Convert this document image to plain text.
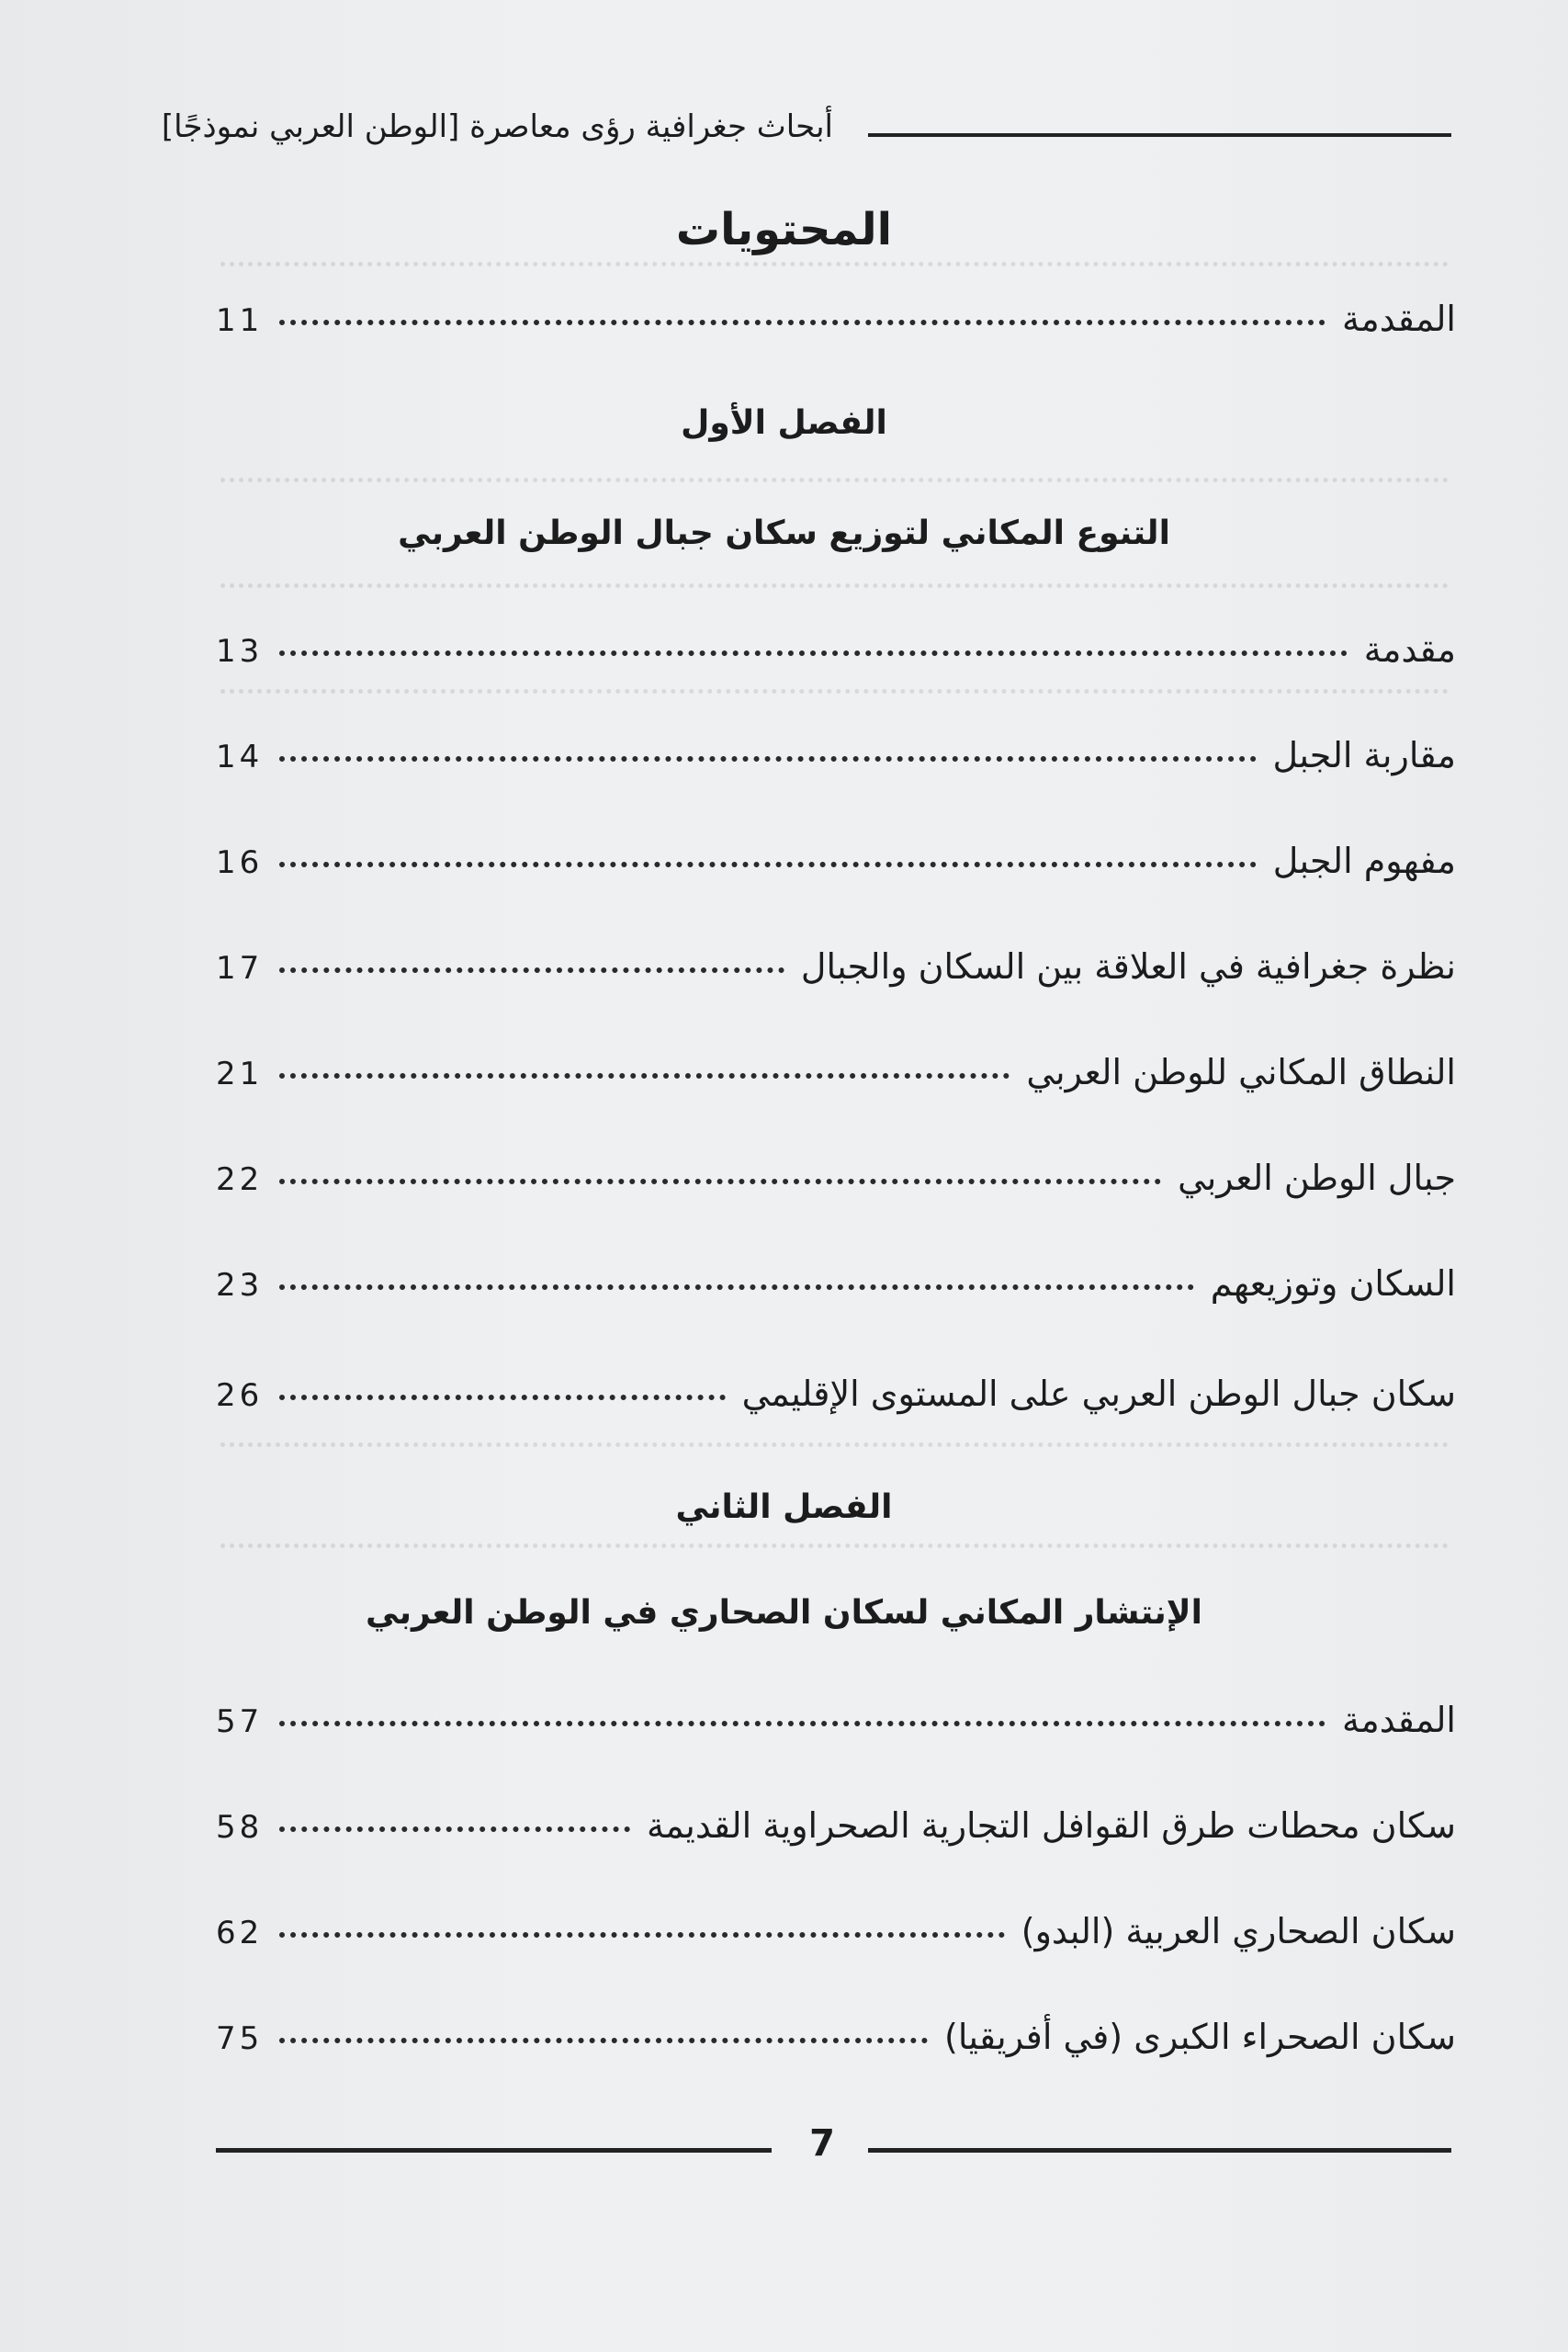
أبحاث جغرافية رؤى معاصرة [الوطن العربي نموذجًا]
المحتويات
المقدمة
11
الفصل الأول
التنوع المكاني لتوزيع سكان جبال الوطن العربي
مقدمة
13
مقاربة الجبل
14
مفهوم الجبل
16
نظرة جغرافية في العلاقة بين السكان والجبال
17
النطاق المكاني للوطن العربي
21
جبال الوطن العربي
22
السكان وتوزيعهم
23
سكان جبال الوطن العربي على المستوى الإقليمي
26
الفصل الثاني
الإنتشار المكاني لسكان الصحاري في الوطن العربي
المقدمة
57
سكان محطات طرق القوافل التجارية الصحراوية القديمة
58
سكان الصحاري العربية (البدو)
62
سكان الصحراء الكبرى (في أفريقيا)
75
7
